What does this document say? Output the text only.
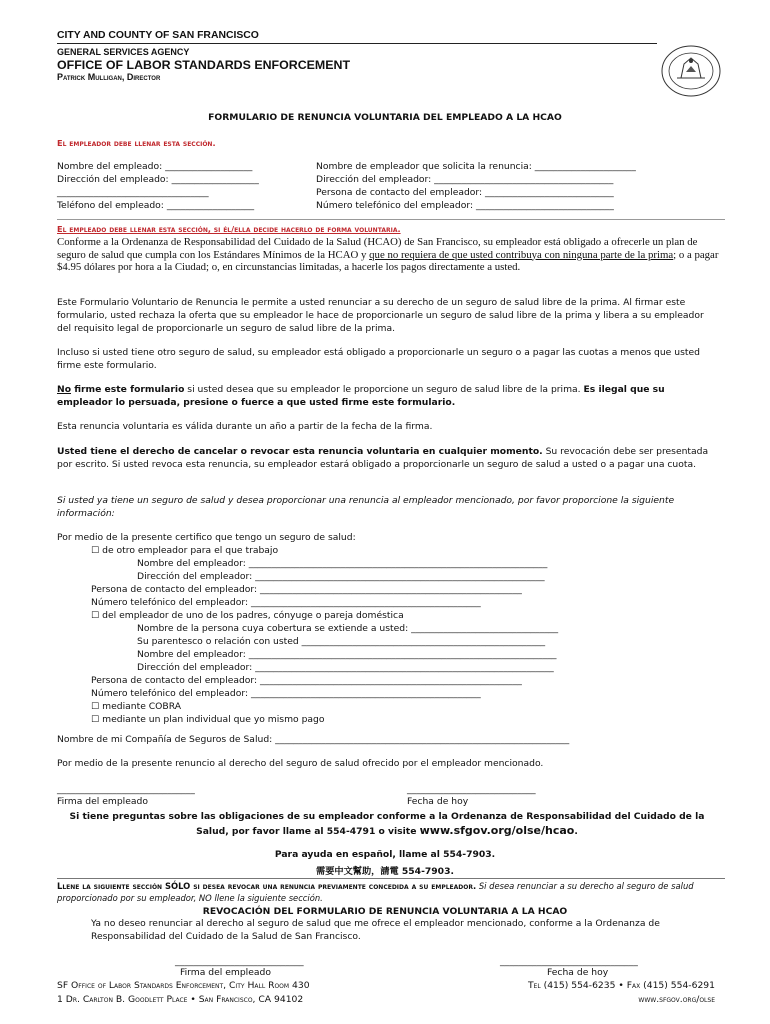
CITY AND COUNTY OF SAN FRANCISCO
GENERAL SERVICES AGENCY
OFFICE OF LABOR STANDARDS ENFORCEMENT
Patrick Mulligan, Director
FORMULARIO DE RENUNCIA VOLUNTARIA DEL EMPLEADO A LA HCAO
El empleador debe llenar esta sección.
Nombre del empleado: ___________________
Dirección del empleado: ___________________
_________________________________
Teléfono del empleado: ___________________
Nombre de empleador que solicita la renuncia: ______________________
Dirección del empleador: _______________________________________
Persona de contacto del empleador: ____________________________
Número telefónico del empleador: ______________________________
El empleado debe llenar esta sección, si él/ella decide hacerlo de forma voluntaria.
Conforme a la Ordenanza de Responsabilidad del Cuidado de la Salud (HCAO) de San Francisco, su empleador está obligado a ofrecerle un plan de seguro de salud que cumpla con los Estándares Mínimos de la HCAO y que no requiera de que usted contribuya con ninguna parte de la prima; o a pagar $4.95 dólares por hora a la Ciudad; o, en circunstancias limitadas, a hacerle los pagos directamente a usted.
Este Formulario Voluntario de Renuncia le permite a usted renunciar a su derecho de un seguro de salud libre de la prima. Al firmar este formulario, usted rechaza la oferta que su empleador le hace de proporcionarle un seguro de salud libre de la prima y libera a su empleador del requisito legal de proporcionarle un seguro de salud libre de la prima.
Incluso si usted tiene otro seguro de salud, su empleador está obligado a proporcionarle un seguro o a pagar las cuotas a menos que usted firme este formulario.
No firme este formulario si usted desea que su empleador le proporcione un seguro de salud libre de la prima. Es ilegal que su empleador lo persuada, presione o fuerce a que usted firme este formulario.
Esta renuncia voluntaria es válida durante un año a partir de la fecha de la firma.
Usted tiene el derecho de cancelar o revocar esta renuncia voluntaria en cualquier momento. Su revocación debe ser presentada por escrito. Si usted revoca esta renuncia, su empleador estará obligado a proporcionarle un seguro de salud a usted o a pagar una cuota.
Si usted ya tiene un seguro de salud y desea proporcionar una renuncia al empleador mencionado, por favor proporcione la siguiente información:
Por medio de la presente certifico que tengo un seguro de salud:
☐ de otro empleador para el que trabajo
Nombre del empleador: _________________________________________________________________
Dirección del empleador: _______________________________________________________________
Persona de contacto del empleador: _________________________________________________________
Número telefónico del empleador: __________________________________________________
☐ del empleador de uno de los padres, cónyuge o pareja doméstica
Nombre de la persona cuya cobertura se extiende a usted: ________________________________
Su parentesco o relación con usted _____________________________________________________
Nombre del empleador: ___________________________________________________________________
Dirección del empleador: _________________________________________________________________
Persona de contacto del empleador: _________________________________________________________
Número telefónico del empleador: __________________________________________________
☐ mediante COBRA
☐ mediante un plan individual que yo mismo pago
Nombre de mi Compañía de Seguros de Salud: ________________________________________________________________
Por medio de la presente renuncio al derecho del seguro de salud ofrecido por el empleador mencionado.
______________________________	____________________________
Firma del empleado	Fecha de hoy
Si tiene preguntas sobre las obligaciones de su empleador conforme a la Ordenanza de Responsabilidad del Cuidado de la Salud, por favor llame al 554-4791 o visite www.sfgov.org/olse/hcao.
Para ayuda en español, llame al 554-7903.
需要中文幫助，請電 554-7903.
Llene la siguiente sección SÓLO si desea revocar una renuncia previamente concedida a su empleador. Si desea renunciar a su derecho al seguro de salud proporcionado por su empleador, NO llene la siguiente sección.
REVOCACIÓN DEL FORMULARIO DE RENUNCIA VOLUNTARIA A LA HCAO
Ya no deseo renunciar al derecho al seguro de salud que me ofrece el empleador mencionado, conforme a la Ordenanza de Responsabilidad del Cuidado de la Salud de San Francisco.
____________________________	______________________________
Firma del empleado	Fecha de hoy
SF Office of Labor Standards Enforcement, City Hall Room 430
1 Dr. Carlton B. Goodlett Place • San Francisco, CA 94102
Tel (415) 554-6235 • Fax (415) 554-6291
www.sfgov.org/olse
